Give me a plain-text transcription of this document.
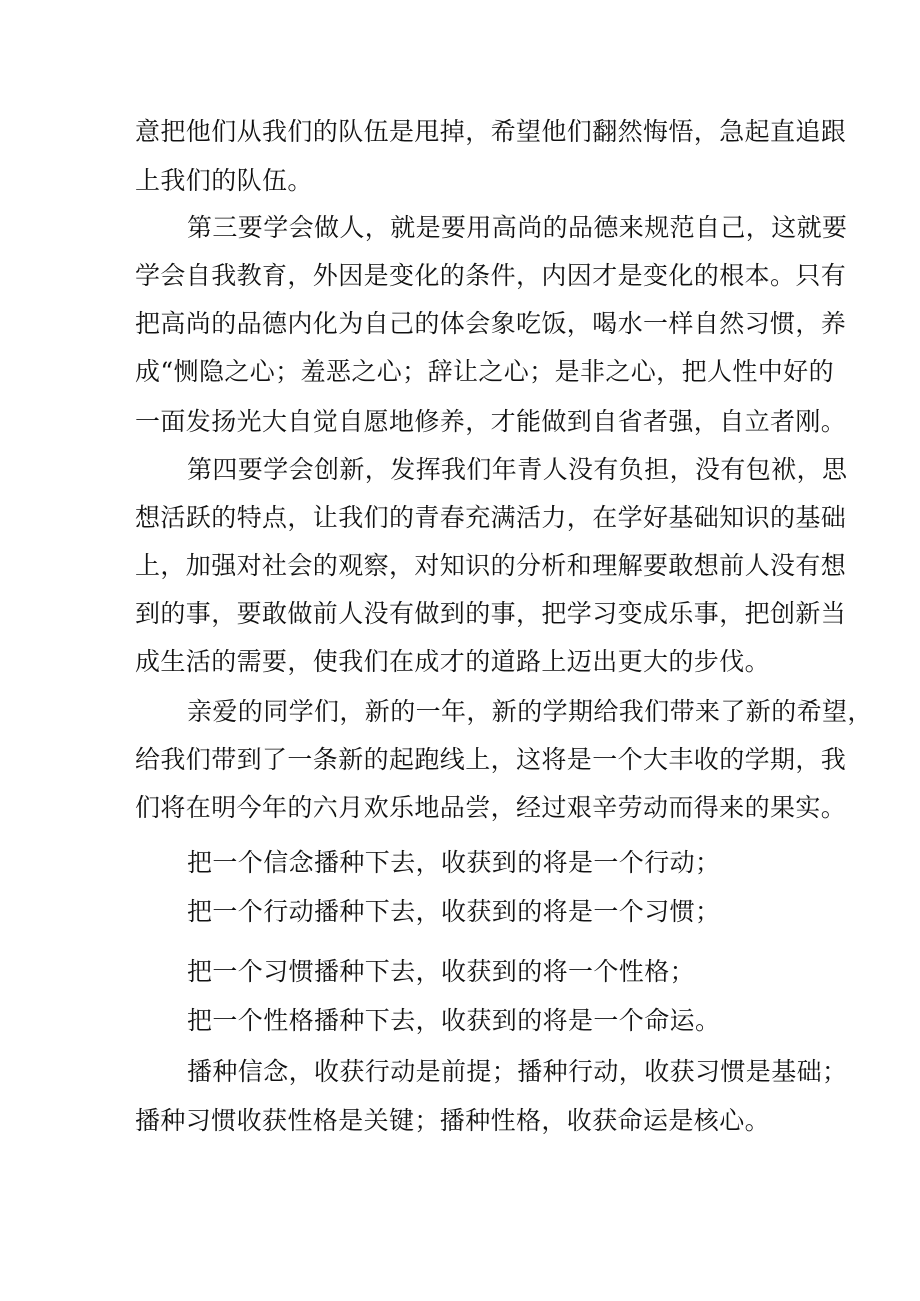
意把他们从我们的队伍是甩掉，希望他们翻然悔悟，急起直追跟
上我们的队伍。
第三要学会做人，就是要用高尚的品德来规范自己，这就要
学会自我教育，外因是变化的条件，内因才是变化的根本。只有
把高尚的品德内化为自己的体会象吃饭，喝水一样自然习惯，养
成“恻隐之心；羞恶之心；辞让之心；是非之心，把人性中好的
一面发扬光大自觉自愿地修养，才能做到自省者强，自立者刚。
第四要学会创新，发挥我们年青人没有负担，没有包袱，思
想活跃的特点，让我们的青春充满活力，在学好基础知识的基础
上，加强对社会的观察，对知识的分析和理解要敢想前人没有想
到的事，要敢做前人没有做到的事，把学习变成乐事，把创新当
成生活的需要，使我们在成才的道路上迈出更大的步伐。
亲爱的同学们，新的一年，新的学期给我们带来了新的希望，
给我们带到了一条新的起跑线上，这将是一个大丰收的学期，我
们将在明今年的六月欢乐地品尝，经过艰辛劳动而得来的果实。
把一个信念播种下去，收获到的将是一个行动；
把一个行动播种下去，收获到的将是一个习惯；
把一个习惯播种下去，收获到的将一个性格；
把一个性格播种下去，收获到的将是一个命运。
播种信念，收获行动是前提；播种行动，收获习惯是基础；
播种习惯收获性格是关键；播种性格，收获命运是核心。
